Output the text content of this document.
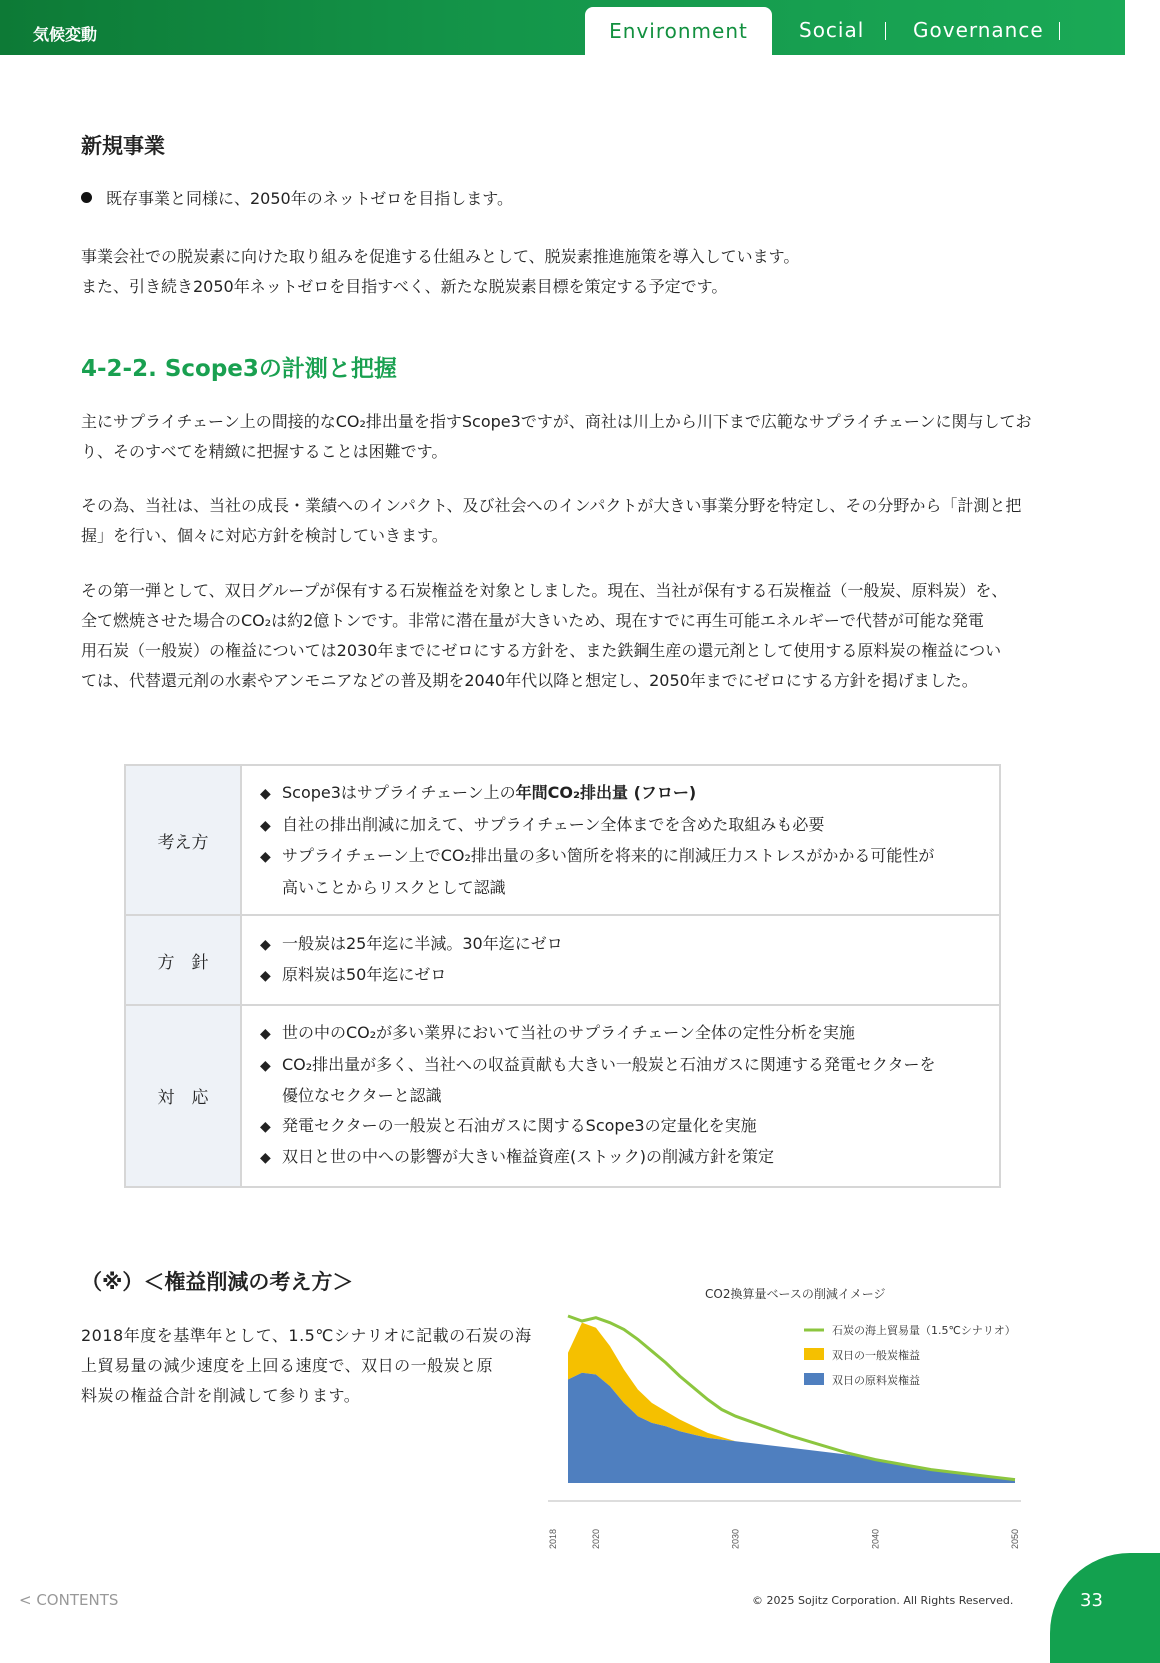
気候変動	Environment	Social Governance
新規事業
既存事業と同様に、2050年のネットゼロを目指します。
事業会社での脱炭素に向けた取り組みを促進する仕組みとして、脱炭素推進施策を導入しています。
また、引き続き2050年ネットゼロを目指すべく、新たな脱炭素目標を策定する予定です。
4-2-2. Scope3の計測と把握
主にサプライチェーン上の間接的なCO₂排出量を指すScope3ですが、商社は川上から川下まで広範なサプライチェーンに関与してお
り、そのすべてを精緻に把握することは困難です。
その為、当社は、当社の成長・業績へのインパクト、及び社会へのインパクトが大きい事業分野を特定し、その分野から「計測と把
握」を行い、個々に対応方針を検討していきます。
その第一弾として、双日グループが保有する石炭権益を対象としました。現在、当社が保有する石炭権益（一般炭、原料炭）を、
全て燃焼させた場合のCO₂は約2億トンです。非常に潜在量が大きいため、現在すでに再生可能エネルギーで代替が可能な発電
用石炭（一般炭）の権益については2030年までにゼロにする方針を、また鉄鋼生産の還元剤として使用する原料炭の権益につい
ては、代替還元剤の水素やアンモニアなどの普及期を2040年代以降と想定し、2050年までにゼロにする方針を掲げました。
考え方	◆ Scope3はサプライチェーン上の年間CO₂排出量 (フロー)
◆ 自社の排出削減に加えて、サプライチェーン全体までを含めた取組みも必要
◆ サプライチェーン上でCO₂排出量の多い箇所を将来的に削減圧力ストレスがかかる可能性が
高いことからリスクとして認識

方　針	◆ 一般炭は25年迄に半減。30年迄にゼロ
◆ 原料炭は50年迄にゼロ

対　応	◆ 世の中のCO₂が多い業界において当社のサプライチェーン全体の定性分析を実施
◆ CO₂排出量が多く、当社への収益貢献も大きい一般炭と石油ガスに関連する発電セクターを
優位なセクターと認識
◆ 発電セクターの一般炭と石油ガスに関するScope3の定量化を実施
◆ 双日と世の中への影響が大きい権益資産(ストック)の削減方針を策定
（※）＜権益削減の考え方＞
2018年度を基準年として、1.5℃シナリオに記載の石炭の海
上貿易量の減少速度を上回る速度で、双日の一般炭と原
料炭の権益合計を削減して参ります。
2018	2020	2030	2040	2050
CO2換算量ベースの削減イメージ
石炭の海上貿易量（1.5℃シナリオ）
双日の一般炭権益
双日の原料炭権益
< CONTENTS	© 2025 Sojitz Corporation. All Rights Reserved.	33
